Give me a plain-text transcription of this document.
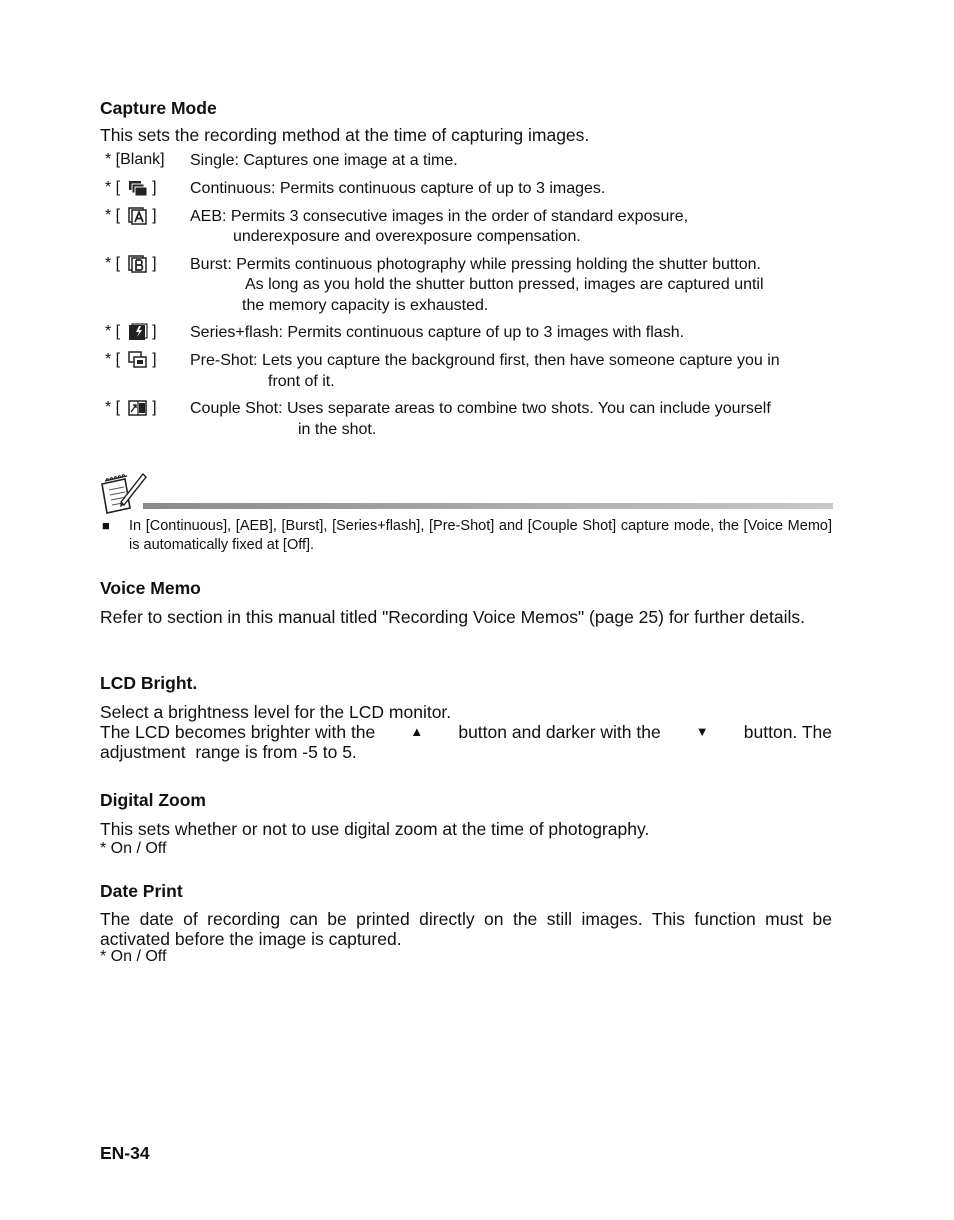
Capture Mode
This sets the recording method at the time of capturing images.
* [Blank] Single: Captures one image at a time.
* [ ] Continuous: Permits continuous capture of up to 3 images.
* [ ] AEB: Permits 3 consecutive images in the order of standard exposure,
underexposure and overexposure compensation.
* [ ] Burst: Permits continuous photography while pressing holding the shutter button.
As long as you hold the shutter button pressed, images are captured until
the memory capacity is exhausted.
* [ ] Series+flash: Permits continuous capture of up to 3 images with flash.
* [ ] Pre-Shot: Lets you capture the background first, then have someone capture you in
front of it.
* [ ] Couple Shot: Uses separate areas to combine two shots. You can include yourself
in the shot.
■ In [Continuous], [AEB], [Burst], [Series+flash], [Pre-Shot] and [Couple Shot] capture mode, the [Voice Memo] is automatically fixed at [Off].
Voice Memo
Refer to section in this manual titled "Recording Voice Memos" (page 25) for further details.
LCD Bright.
Select a brightness level for the LCD monitor.
The LCD becomes brighter with the	▲ button and darker with the	▼ button. The
adjustment  range is from -5 to 5.
Digital Zoom
This sets whether or not to use digital zoom at the time of photography.
* On / Off
Date Print
The date of recording can be printed directly on the still images. This function must be activated before the image is captured.
* On / Off
EN-34
